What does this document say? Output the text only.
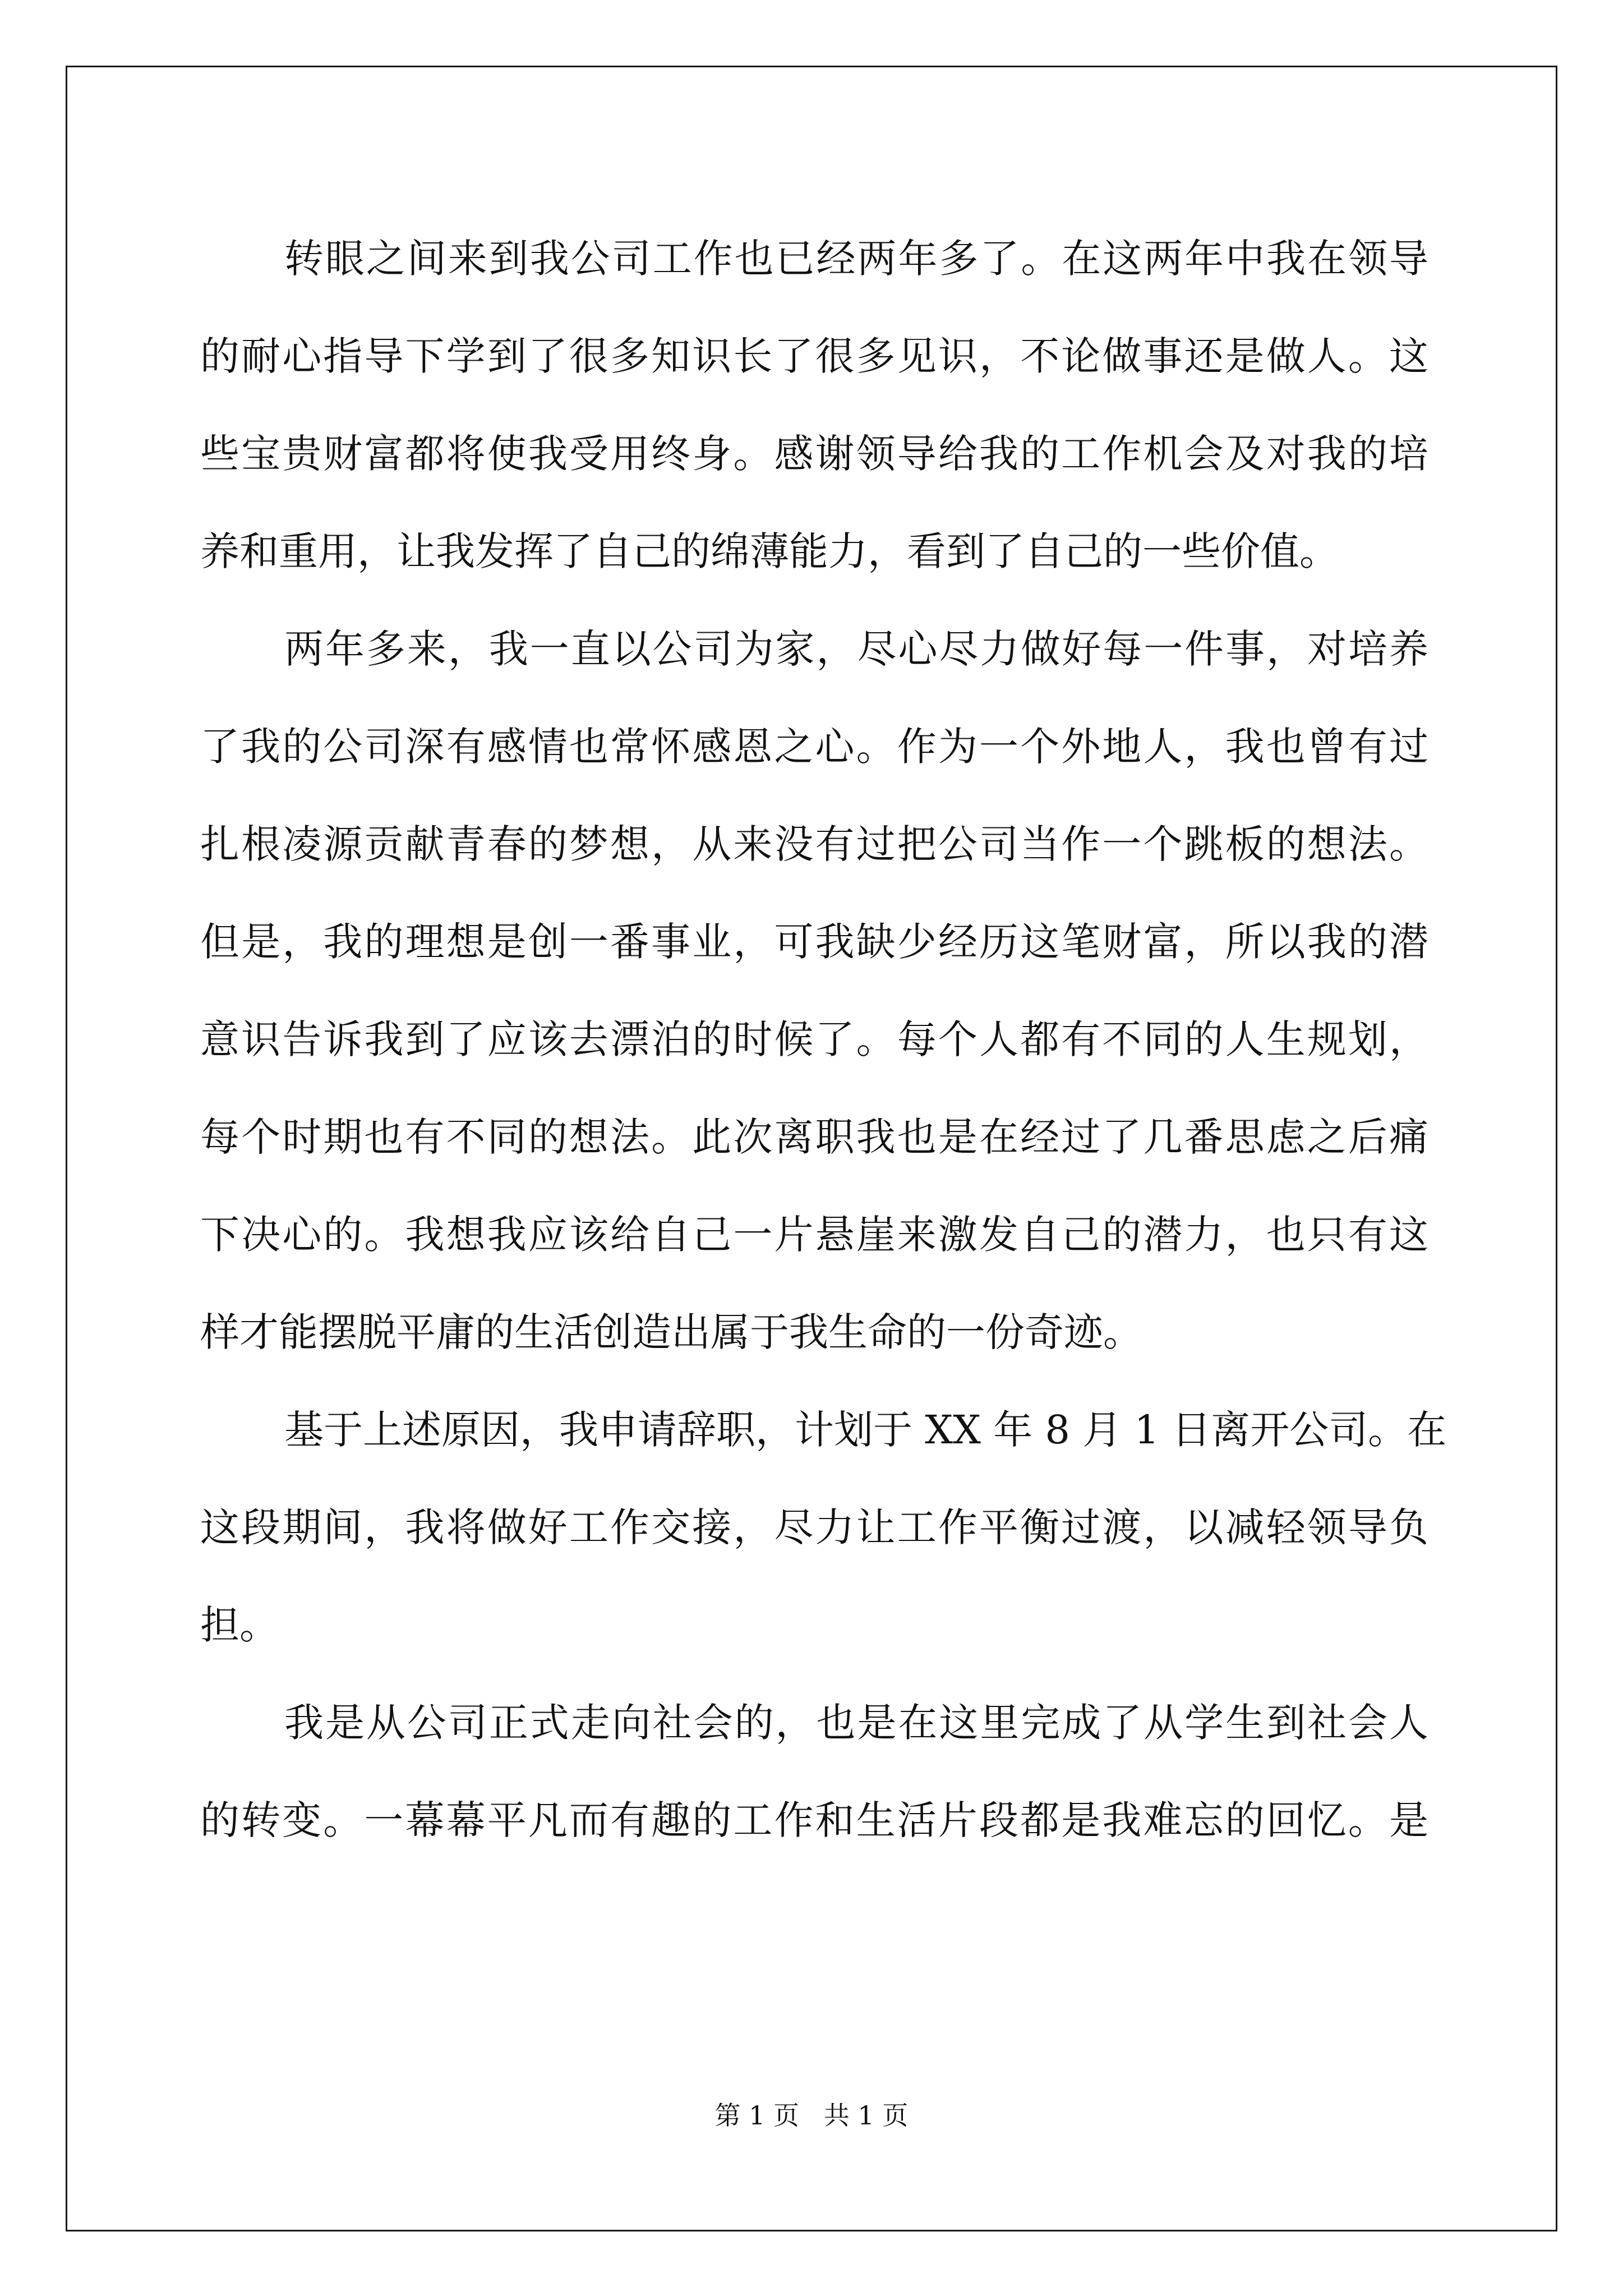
转眼之间来到我公司工作也已经两年多了。在这两年中我在领导
的耐心指导下学到了很多知识长了很多见识，不论做事还是做人。这
些宝贵财富都将使我受用终身。感谢领导给我的工作机会及对我的培
养和重用，让我发挥了自己的绵薄能力，看到了自己的一些价值。
两年多来，我一直以公司为家，尽心尽力做好每一件事，对培养
了我的公司深有感情也常怀感恩之心。作为一个外地人，我也曾有过
扎根凌源贡献青春的梦想，从来没有过把公司当作一个跳板的想法。
但是，我的理想是创一番事业，可我缺少经历这笔财富，所以我的潜
意识告诉我到了应该去漂泊的时候了。每个人都有不同的人生规划，
每个时期也有不同的想法。此次离职我也是在经过了几番思虑之后痛
下决心的。我想我应该给自己一片悬崖来激发自己的潜力，也只有这
样才能摆脱平庸的生活创造出属于我生命的一份奇迹。
基于上述原因，我申请辞职，计划于 XX 年 8 月 1 日离开公司。在
这段期间，我将做好工作交接，尽力让工作平衡过渡，以减轻领导负
担。
我是从公司正式走向社会的，也是在这里完成了从学生到社会人
的转变。一幕幕平凡而有趣的工作和生活片段都是我难忘的回忆。是
第 1 页   共 1 页
